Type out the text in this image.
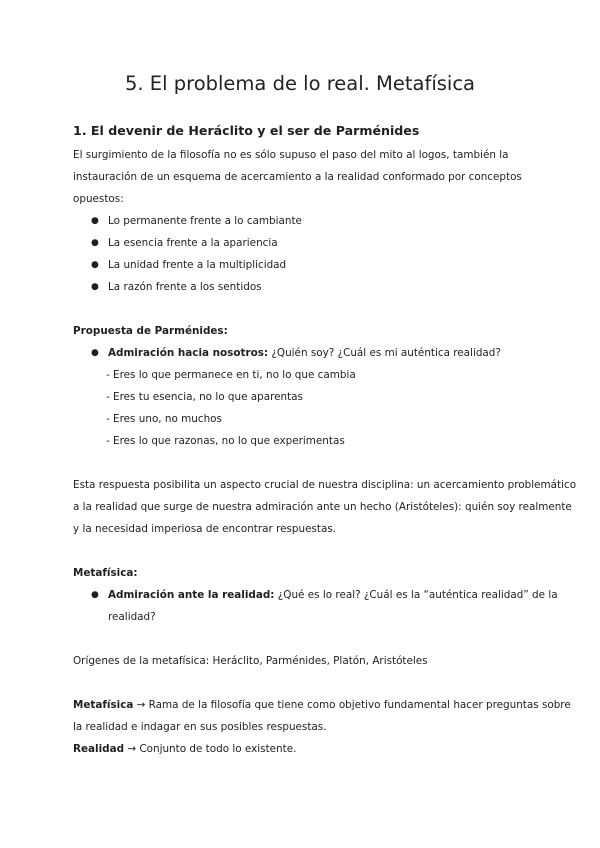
5. El problema de lo real. Metafísica

1. El devenir de Heráclito y el ser de Parménides

El surgimiento de la filosofía no es sólo supuso el paso del mito al logos, también la

instauración de un esquema de acercamiento a la realidad conformado por conceptos

opuestos:

● Lo permanente frente a lo cambiante
● La esencia frente a la apariencia
● La unidad frente a la multiplicidad
● La razón frente a los sentidos

Propuesta de Parménides:

● Admiración hacia nosotros: ¿Quién soy? ¿Cuál es mi auténtica realidad?
- Eres lo que permanece en ti, no lo que cambia
- Eres tu esencia, no lo que aparentas
- Eres uno, no muchos
- Eres lo que razonas, no lo que experimentas

Esta respuesta posibilita un aspecto crucial de nuestra disciplina: un acercamiento problemático

a la realidad que surge de nuestra admiración ante un hecho (Aristóteles): quién soy realmente

y la necesidad imperiosa de encontrar respuestas.

Metafísica:

● Admiración ante la realidad: ¿Qué es lo real? ¿Cuál es la “auténtica realidad” de la
realidad?

Orígenes de la metafísica: Heráclito, Parménides, Platón, Aristóteles

Metafísica → Rama de la filosofía que tiene como objetivo fundamental hacer preguntas sobre

la realidad e indagar en sus posibles respuestas.

Realidad → Conjunto de todo lo existente.
